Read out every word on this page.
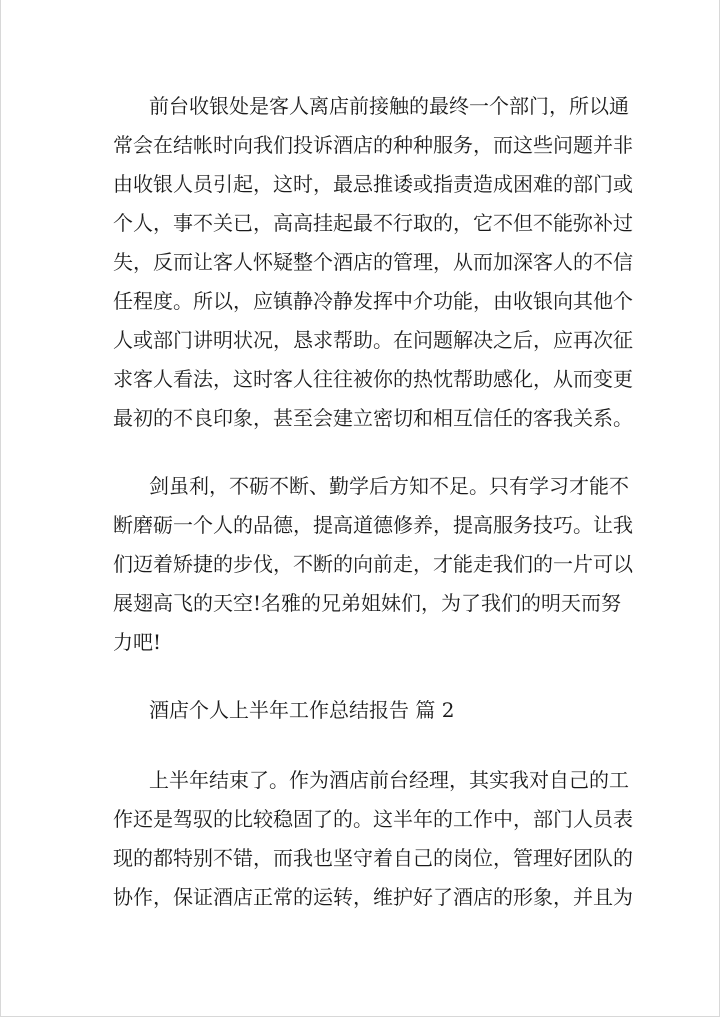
前台收银处是客人离店前接触的最终一个部门，所以通
常会在结帐时向我们投诉酒店的种种服务，而这些问题并非
由收银人员引起，这时，最忌推诿或指责造成困难的部门或
个人，事不关已，高高挂起最不行取的，它不但不能弥补过
失，反而让客人怀疑整个酒店的管理，从而加深客人的不信
任程度。所以，应镇静冷静发挥中介功能，由收银向其他个
人或部门讲明状况，恳求帮助。在问题解决之后，应再次征
求客人看法，这时客人往往被你的热忱帮助感化，从而变更
最初的不良印象，甚至会建立密切和相互信任的客我关系。
剑虽利，不砺不断、勤学后方知不足。只有学习才能不
断磨砺一个人的品德，提高道德修养，提高服务技巧。让我
们迈着矫捷的步伐，不断的向前走，才能走我们的一片可以
展翅高飞的天空!名雅的兄弟姐妹们，为了我们的明天而努
力吧!
酒店个人上半年工作总结报告 篇 2
上半年结束了。作为酒店前台经理，其实我对自己的工
作还是驾驭的比较稳固了的。这半年的工作中，部门人员表
现的都特别不错，而我也坚守着自己的岗位，管理好团队的
协作，保证酒店正常的运转，维护好了酒店的形象，并且为
